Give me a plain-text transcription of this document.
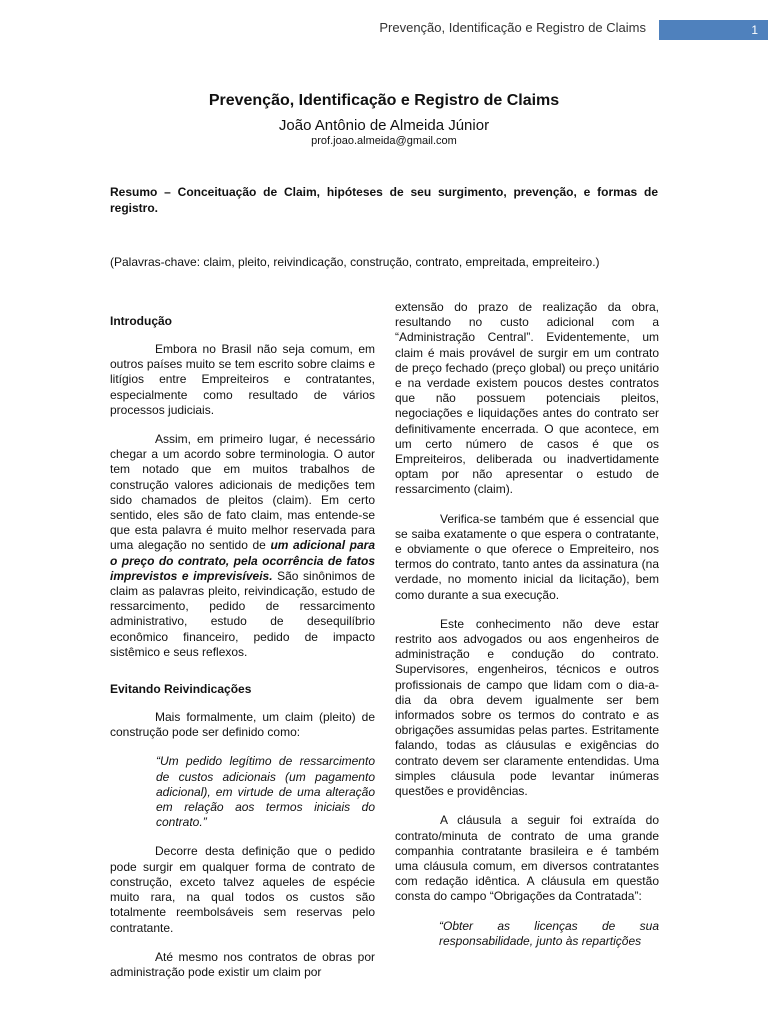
Prevenção, Identificação e Registro de Claims	1
Prevenção, Identificação e Registro de Claims
João Antônio de Almeida Júnior
prof.joao.almeida@gmail.com
Resumo – Conceituação de Claim, hipóteses de seu surgimento, prevenção, e formas de registro.
(Palavras-chave: claim, pleito, reivindicação, construção, contrato, empreitada, empreiteiro.)
Introdução

Embora no Brasil não seja comum, em outros países muito se tem escrito sobre claims e litígios entre Empreiteiros e contratantes, especialmente como resultado de vários processos judiciais.

Assim, em primeiro lugar, é necessário chegar a um acordo sobre terminologia. O autor tem notado que em muitos trabalhos de construção valores adicionais de medições tem sido chamados de pleitos (claim). Em certo sentido, eles são de fato claim, mas entende-se que esta palavra é muito melhor reservada para uma alegação no sentido de um adicional para o preço do contrato, pela ocorrência de fatos imprevistos e imprevisíveis. São sinônimos de claim as palavras pleito, reivindicação, estudo de ressarcimento, pedido de ressarcimento administrativo, estudo de desequilíbrio econômico financeiro, pedido de impacto sistêmico e seus reflexos.

Evitando Reivindicações

Mais formalmente, um claim (pleito) de construção pode ser definido como:

“Um pedido legítimo de ressarcimento de custos adicionais (um pagamento adicional), em virtude de uma alteração em relação aos termos iniciais do contrato.”

Decorre desta definição que o pedido pode surgir em qualquer forma de contrato de construção, exceto talvez aqueles de espécie muito rara, na qual todos os custos são totalmente reembolsáveis sem reservas pelo contratante.

Até mesmo nos contratos de obras por administração pode existir um claim por

extensão do prazo de realização da obra, resultando no custo adicional com a “Administração Central”. Evidentemente, um claim é mais provável de surgir em um contrato de preço fechado (preço global) ou preço unitário e na verdade existem poucos destes contratos que não possuem potenciais pleitos, negociações e liquidações antes do contrato ser definitivamente encerrada. O que acontece, em um certo número de casos é que os Empreiteiros, deliberada ou inadvertidamente optam por não apresentar o estudo de ressarcimento (claim).

Verifica-se também que é essencial que se saiba exatamente o que espera o contratante, e obviamente o que oferece o Empreiteiro, nos termos do contrato, tanto antes da assinatura (na verdade, no momento inicial da licitação), bem como durante a sua execução.

Este conhecimento não deve estar restrito aos advogados ou aos engenheiros de administração e condução do contrato. Supervisores, engenheiros, técnicos e outros profissionais de campo que lidam com o dia-a-dia da obra devem igualmente ser bem informados sobre os termos do contrato e as obrigações assumidas pelas partes. Estritamente falando, todas as cláusulas e exigências do contrato devem ser claramente entendidas. Uma simples cláusula pode levantar inúmeras questões e providências.

A cláusula a seguir foi extraída do contrato/minuta de contrato de uma grande companhia contratante brasileira e é também uma cláusula comum, em diversos contratantes com redação idêntica. A cláusula em questão consta do campo “Obrigações da Contratada”:

“Obter as licenças de sua responsabilidade, junto às repartições
